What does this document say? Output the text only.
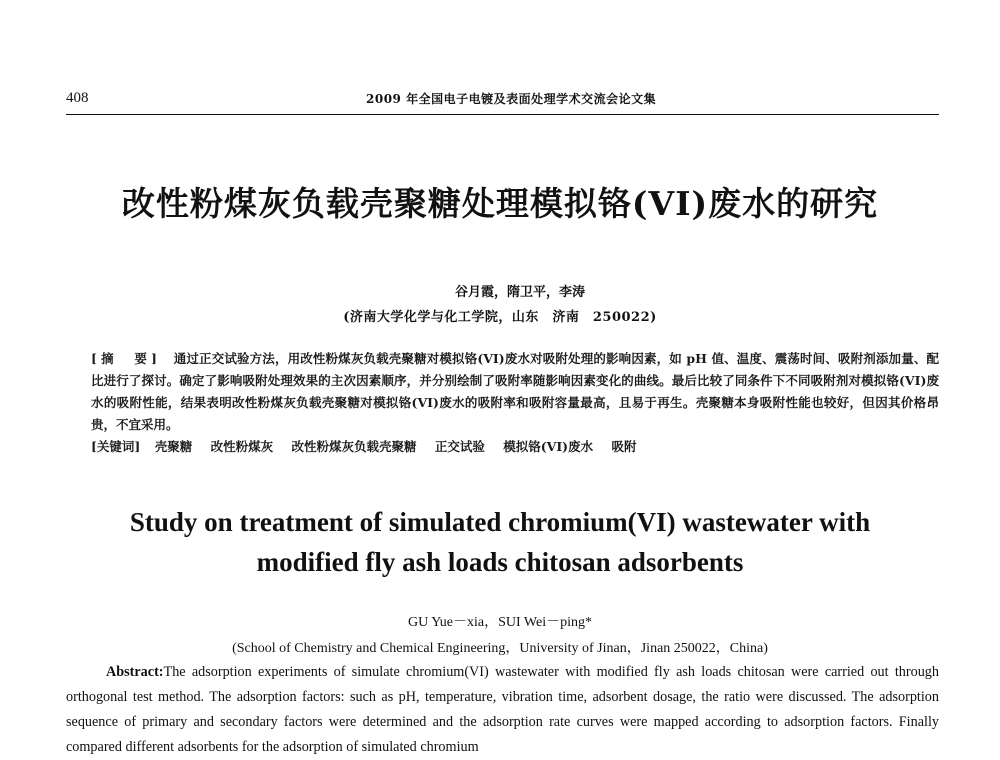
408	2009 年全国电子电镀及表面处理学术交流会论文集
改性粉煤灰负载壳聚糖处理模拟铬(VI)废水的研究
谷月霞，隋卫平，李涛
(济南大学化学与化工学院，山东　济南　250022)
[摘　要]　 通过正交试验方法，用改性粉煤灰负载壳聚糖对模拟铬(VI)废水对吸附处理的影响因素，如 pH 值、温度、震荡时间、吸附剂添加量、配比进行了探讨。确定了影响吸附处理效果的主次因素顺序，并分别绘制了吸附率随影响因素变化的曲线。最后比较了同条件下不同吸附剂对模拟铬(VI)废水的吸附性能，结果表明改性粉煤灰负载壳聚糖对模拟铬(VI)废水的吸附率和吸附容量最高，且易于再生。壳聚糖本身吸附性能也较好，但因其价格昂贵，不宜采用。
[关键词] 壳聚糖 改性粉煤灰 改性粉煤灰负载壳聚糖 正交试验 模拟铬(VI)废水 吸附
Study on treatment of simulated chromium(VI) wastewater with
modified fly ash loads chitosan adsorbents
GU Yue－xia，SUI Wei－ping*
(School of Chemistry and Chemical Engineering，University of Jinan，Jinan 250022，China)
Abstract:The adsorption experiments of simulate chromium(VI) wastewater with modified fly ash loads chitosan were carried out through orthogonal test method. The adsorption factors: such as pH, temperature, vibration time, adsorbent dosage, the ratio were discussed. The adsorption sequence of primary and secondary factors were determined and the adsorption rate curves were mapped according to adsorption factors. Finally compared different adsorbents for the adsorption of simulated chromium
